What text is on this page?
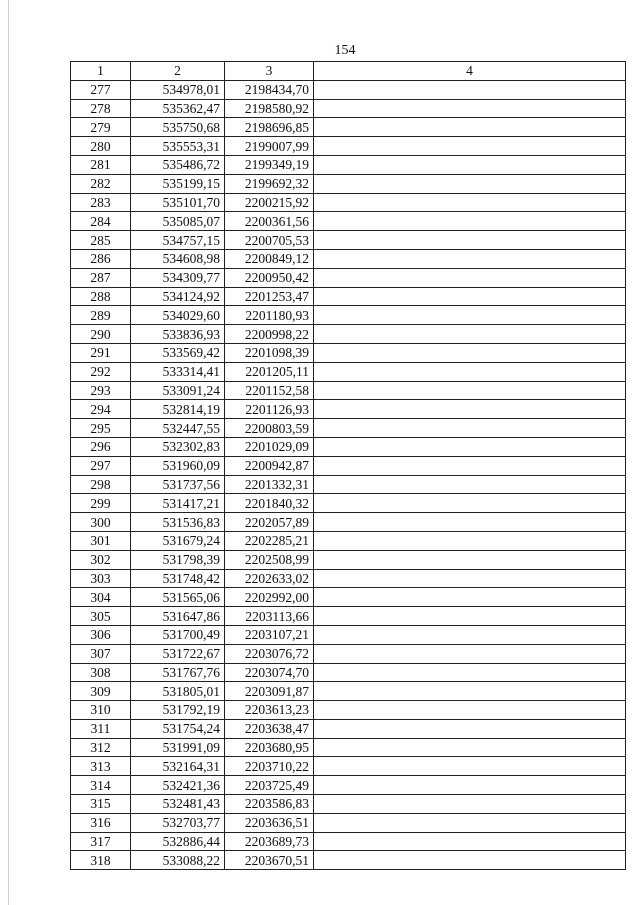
154
1	2	3	4
277	534978,01	2198434,70	
278	535362,47	2198580,92	
279	535750,68	2198696,85	
280	535553,31	2199007,99	
281	535486,72	2199349,19	
282	535199,15	2199692,32	
283	535101,70	2200215,92	
284	535085,07	2200361,56	
285	534757,15	2200705,53	
286	534608,98	2200849,12	
287	534309,77	2200950,42	
288	534124,92	2201253,47	
289	534029,60	2201180,93	
290	533836,93	2200998,22	
291	533569,42	2201098,39	
292	533314,41	2201205,11	
293	533091,24	2201152,58	
294	532814,19	2201126,93	
295	532447,55	2200803,59	
296	532302,83	2201029,09	
297	531960,09	2200942,87	
298	531737,56	2201332,31	
299	531417,21	2201840,32	
300	531536,83	2202057,89	
301	531679,24	2202285,21	
302	531798,39	2202508,99	
303	531748,42	2202633,02	
304	531565,06	2202992,00	
305	531647,86	2203113,66	
306	531700,49	2203107,21	
307	531722,67	2203076,72	
308	531767,76	2203074,70	
309	531805,01	2203091,87	
310	531792,19	2203613,23	
311	531754,24	2203638,47	
312	531991,09	2203680,95	
313	532164,31	2203710,22	
314	532421,36	2203725,49	
315	532481,43	2203586,83	
316	532703,77	2203636,51	
317	532886,44	2203689,73	
318	533088,22	2203670,51	
